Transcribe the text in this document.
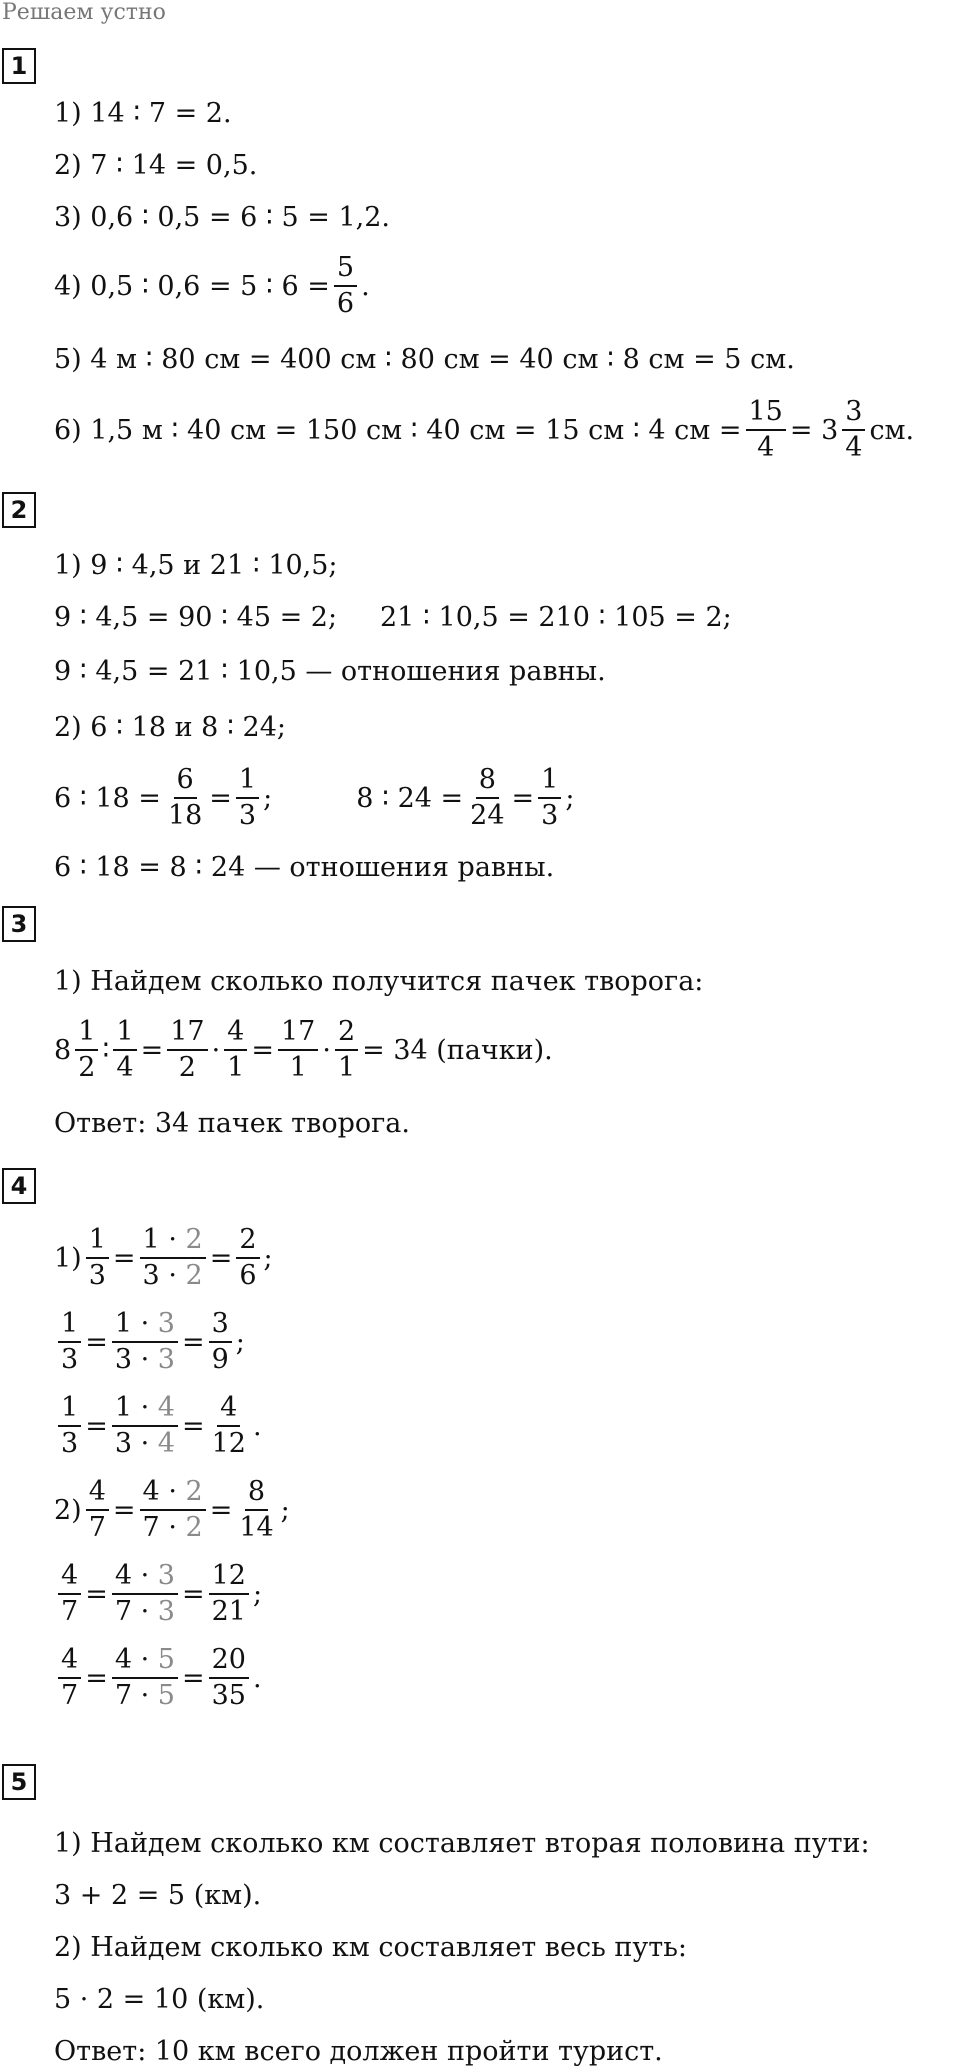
Решаем устно
1
1) 14 ∶ 7 = 2.
2) 7 ∶ 14 = 0,5.
3) 0,6 ∶ 0,5 = 6 ∶ 5 = 1,2.
4) 0,5 ∶ 0,6 = 5 ∶ $6 = \frac{5}{6}$ .
5) 4 м ∶ 80 см = 400 см ∶ 80 см = 40 см ∶ 8 см = 5 см.
6) 1,5 м ∶ 40 см = 150 см ∶ 40 см = 15 см ∶ 4 см = $\frac{15}{4} = 3 \frac{3}{4}$ см.
2
1) 9 ∶ 4,5 и 21 ∶ 10,5;
9 ∶ 4,5 = 90 ∶ 45 = 2;     21 ∶ 10,5 = 210 ∶ 105 = 2;
9 ∶ 4,5 = 21 ∶ 10,5 — отношения равны.
2) 6 ∶ 18 и 8 ∶ 24;
6 ∶ $18 = \frac{6}{18} = \frac{1}{3}$ ;	8 ∶ $24 = \frac{8}{24} = \frac{1}{3}$ ;
6 ∶ 18 = 8 ∶ 24 — отношения равны.
3
1) Найдем сколько получится пачек творога:
$8 \frac{1}{2}$ ∶ $\frac{1}{4} = \frac{17}{2} \cdot \frac{4}{1} = \frac{17}{1} \cdot \frac{2}{1} = 34$ (пачки).
Ответ: 34 пачек творога.
4
$1) \frac{1}{3} = \frac{1 \cdot 2}{3 \cdot 2} = \frac{2}{6}$ ;
$\frac{1}{3} = \frac{1 \cdot 3}{3 \cdot 3} = \frac{3}{9}$ ;
$\frac{1}{3} = \frac{1 \cdot 4}{3 \cdot 4} = \frac{4}{12}$ .
$2) \frac{4}{7} = \frac{4 \cdot 2}{7 \cdot 2} = \frac{8}{14}$ ;
$\frac{4}{7} = \frac{4 \cdot 3}{7 \cdot 3} = \frac{12}{21}$ ;
$\frac{4}{7} = \frac{4 \cdot 5}{7 \cdot 5} = \frac{20}{35}$ .
5
1) Найдем сколько км составляет вторая половина пути:
3 + 2 = 5 (км).
2) Найдем сколько км составляет весь путь:
5 · 2 = 10 (км).
Ответ: 10 км всего должен пройти турист.
